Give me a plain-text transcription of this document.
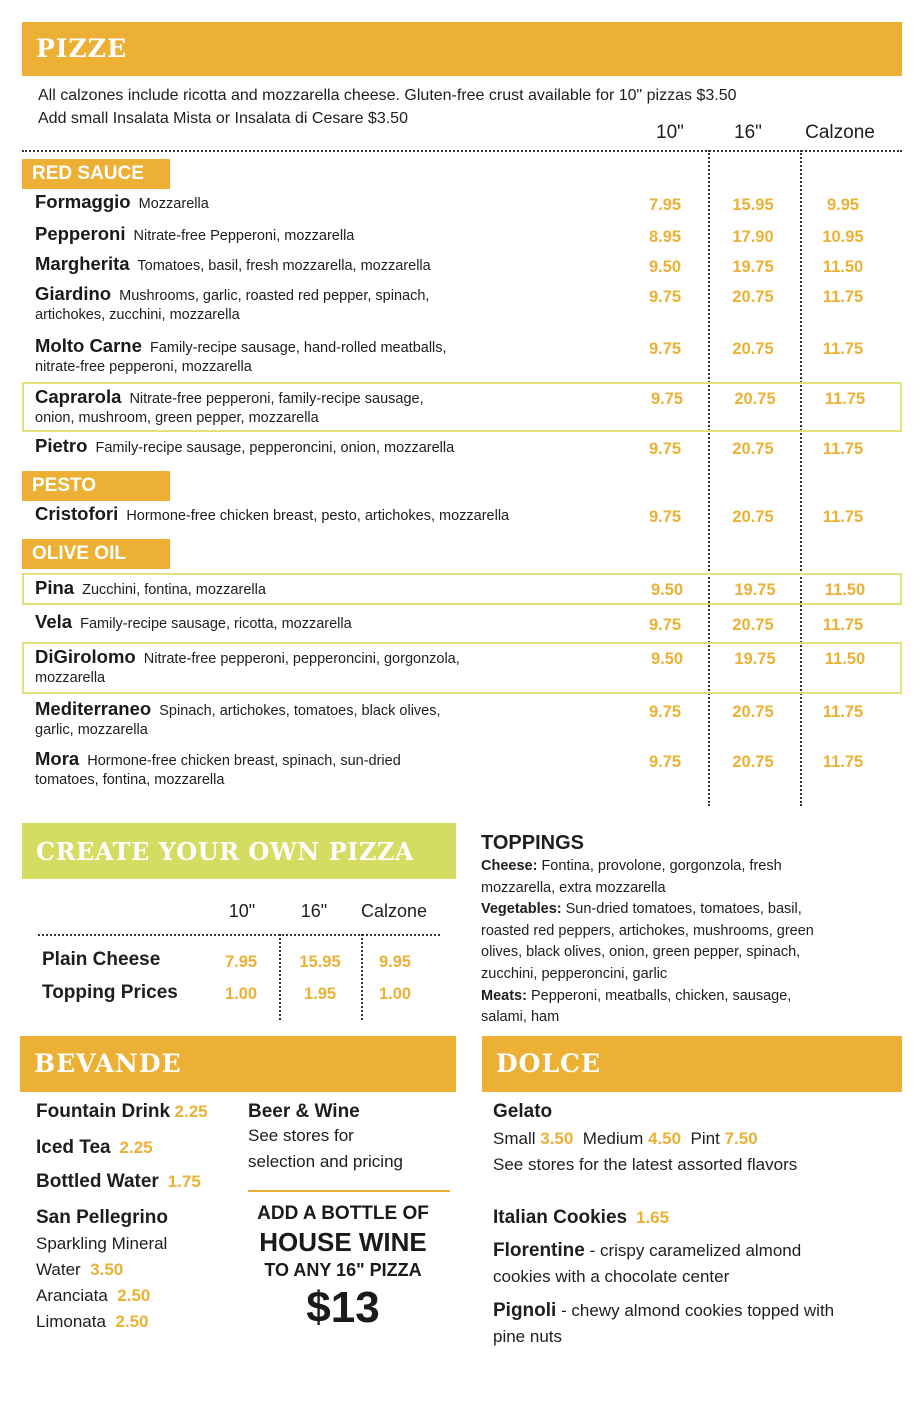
PIZZE
All calzones include ricotta and mozzarella cheese. Gluten-free crust available for 10" pizzas $3.50
Add small Insalata Mista or Insalata di Cesare $3.50
10"	16"	Calzone
RED SAUCE
PESTO
OLIVE OIL
Formaggio Mozzarella	7.95	15.95	9.95
Pepperoni Nitrate-free Pepperoni, mozzarella	8.95	17.90	10.95
Margherita Tomatoes, basil, fresh mozzarella, mozzarella	9.50	19.75	11.50
Giardino Mushrooms, garlic, roasted red pepper, spinach,
artichokes, zucchini, mozzarella
9.75	20.75	11.75
Molto Carne Family-recipe sausage, hand-rolled meatballs,
nitrate-free pepperoni, mozzarella
9.75	20.75	11.75
Caprarola Nitrate-free pepperoni, family-recipe sausage,
onion, mushroom, green pepper, mozzarella
9.75	20.75	11.75
Pietro Family-recipe sausage, pepperoncini, onion, mozzarella	9.75	20.75	11.75
Cristofori Hormone-free chicken breast, pesto, artichokes, mozzarella	9.75	20.75	11.75
Pina Zucchini, fontina, mozzarella	9.50	19.75	11.50
Vela Family-recipe sausage, ricotta, mozzarella	9.75	20.75	11.75
DiGirolomo Nitrate-free pepperoni, pepperoncini, gorgonzola,
mozzarella
9.50	19.75	11.50
Mediterraneo Spinach, artichokes, tomatoes, black olives,
garlic, mozzarella
9.75	20.75	11.75
Mora Hormone-free chicken breast, spinach, sun-dried
tomatoes, fontina, mozzarella
9.75	20.75	11.75
CREATE YOUR OWN PIZZA
10"	16"	Calzone
Plain Cheese	7.95	15.95	9.95
Topping Prices	1.00	1.95	1.00
TOPPINGS
Cheese: Fontina, provolone, gorgonzola, fresh
mozzarella, extra mozzarella
Vegetables: Sun-dried tomatoes, tomatoes, basil,
roasted red peppers, artichokes, mushrooms, green
olives, black olives, onion, green pepper, spinach,
zucchini, pepperoncini, garlic
Meats: Pepperoni, meatballs, chicken, sausage,
salami, ham
BEVANDE
Fountain Drink 2.25
Iced Tea 2.25
Bottled Water 1.75
San Pellegrino
Sparkling Mineral
Water 3.50
Aranciata 2.50
Limonata 2.50
Beer & Wine
See stores for
selection and pricing
ADD A BOTTLE OF
HOUSE WINE
TO ANY 16" PIZZA
$13
DOLCE
Gelato
Small 3.50 Medium 4.50 Pint 7.50
See stores for the latest assorted flavors
Italian Cookies 1.65
Florentine - crispy caramelized almond
cookies with a chocolate center
Pignoli - chewy almond cookies topped with
pine nuts
